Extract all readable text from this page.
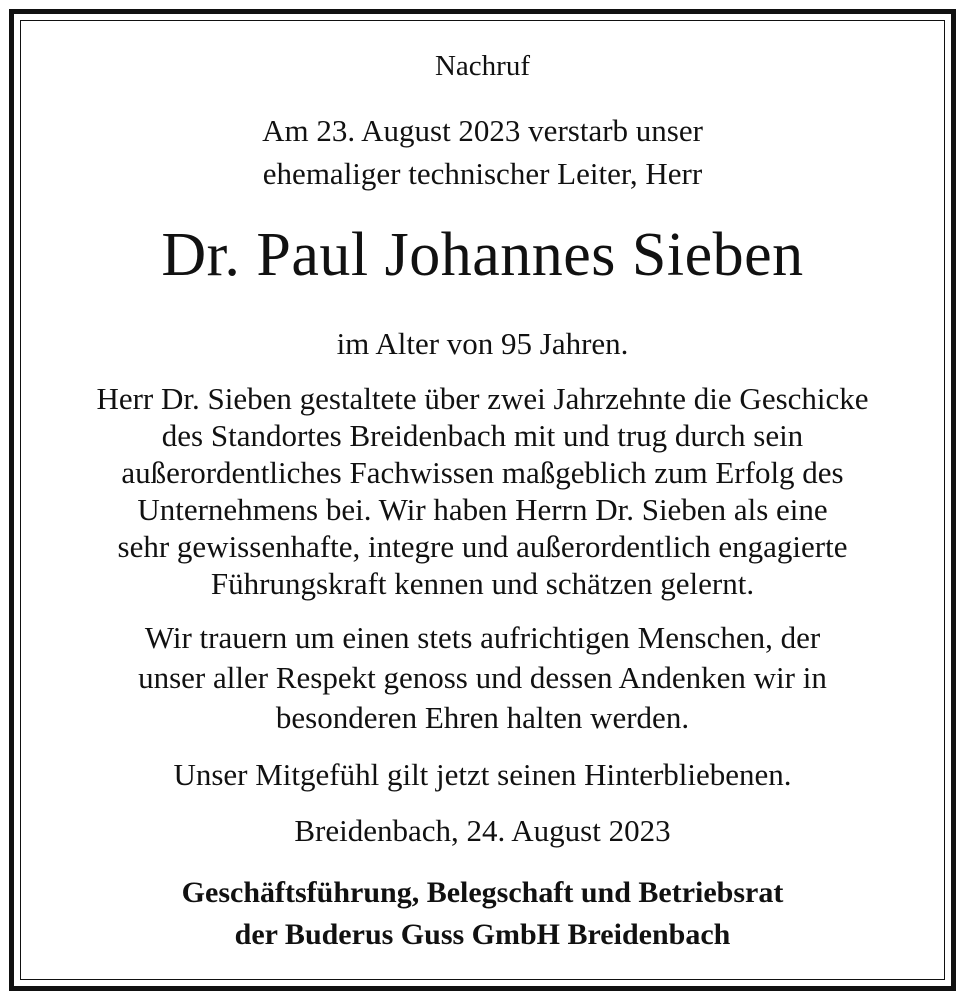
Nachruf
Am 23. August 2023 verstarb unser
ehemaliger technischer Leiter, Herr
Dr. Paul Johannes Sieben
im Alter von 95 Jahren.
Herr Dr. Sieben gestaltete über zwei Jahrzehnte die Geschicke
des Standortes Breidenbach mit und trug durch sein
außerordentliches Fachwissen maßgeblich zum Erfolg des
Unternehmens bei. Wir haben Herrn Dr. Sieben als eine
sehr gewissenhafte, integre und außerordentlich engagierte
Führungskraft kennen und schätzen gelernt.
Wir trauern um einen stets aufrichtigen Menschen, der
unser aller Respekt genoss und dessen Andenken wir in
besonderen Ehren halten werden.
Unser Mitgefühl gilt jetzt seinen Hinterbliebenen.
Breidenbach, 24. August 2023
Geschäftsführung, Belegschaft und Betriebsrat
der Buderus Guss GmbH Breidenbach
